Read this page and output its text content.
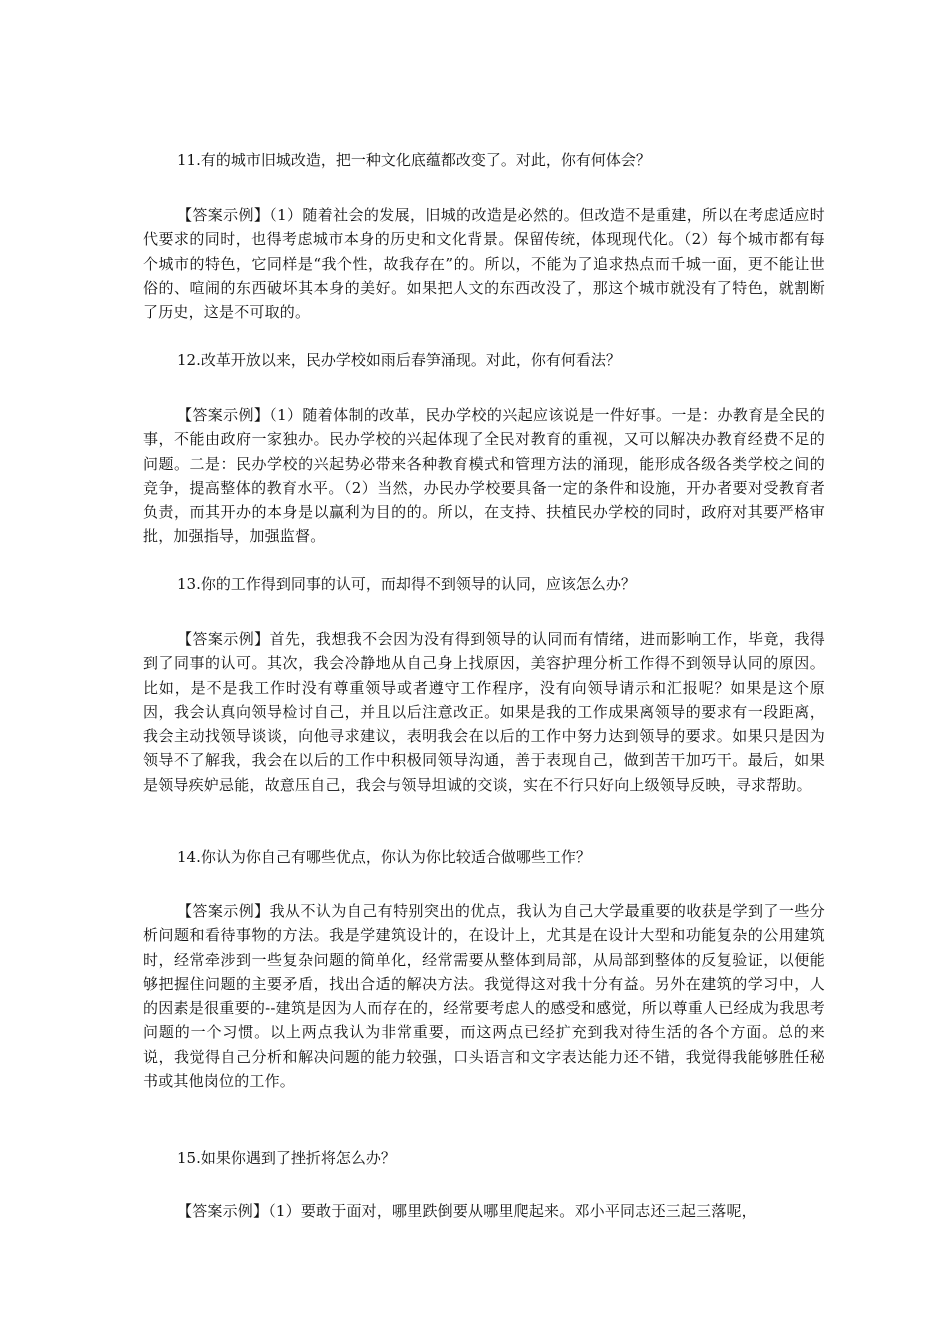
11.有的城市旧城改造，把一种文化底蕴都改变了。对此，你有何体会？

【答案示例】（1）随着社会的发展，旧城的改造是必然的。但改造不是重建，所以在考虑适应时代要求的同时，也得考虑城市本身的历史和文化背景。保留传统，体现现代化。（2）每个城市都有每个城市的特色，它同样是“我个性，故我存在”的。所以，不能为了追求热点而千城一面，更不能让世俗的、喧闹的东西破坏其本身的美好。如果把人文的东西改没了，那这个城市就没有了特色，就割断了历史，这是不可取的。

12.改革开放以来，民办学校如雨后春笋涌现。对此，你有何看法？

【答案示例】（1）随着体制的改革，民办学校的兴起应该说是一件好事。一是：办教育是全民的事，不能由政府一家独办。民办学校的兴起体现了全民对教育的重视，又可以解决办教育经费不足的问题。二是：民办学校的兴起势必带来各种教育模式和管理方法的涌现，能形成各级各类学校之间的竞争，提高整体的教育水平。（2）当然，办民办学校要具备一定的条件和设施，开办者要对受教育者负责，而其开办的本身是以赢利为目的的。所以，在支持、扶植民办学校的同时，政府对其要严格审批，加强指导，加强监督。

13.你的工作得到同事的认可，而却得不到领导的认同，应该怎么办？

【答案示例】首先，我想我不会因为没有得到领导的认同而有情绪，进而影响工作，毕竟，我得到了同事的认可。其次，我会冷静地从自己身上找原因，美容护理分析工作得不到领导认同的原因。比如，是不是我工作时没有尊重领导或者遵守工作程序，没有向领导请示和汇报呢？如果是这个原因，我会认真向领导检讨自己，并且以后注意改正。如果是我的工作成果离领导的要求有一段距离，我会主动找领导谈谈，向他寻求建议，表明我会在以后的工作中努力达到领导的要求。如果只是因为领导不了解我，我会在以后的工作中积极同领导沟通，善于表现自己，做到苦干加巧干。最后，如果是领导疾妒忌能，故意压自己，我会与领导坦诚的交谈，实在不行只好向上级领导反映，寻求帮助。

14.你认为你自己有哪些优点，你认为你比较适合做哪些工作？

【答案示例】我从不认为自己有特别突出的优点，我认为自己大学最重要的收获是学到了一些分析问题和看待事物的方法。我是学建筑设计的，在设计上，尤其是在设计大型和功能复杂的公用建筑时，经常牵涉到一些复杂问题的简单化，经常需要从整体到局部，从局部到整体的反复验证，以便能够把握住问题的主要矛盾，找出合适的解决方法。我觉得这对我十分有益。另外在建筑的学习中，人的因素是很重要的--建筑是因为人而存在的，经常要考虑人的感受和感觉，所以尊重人已经成为我思考问题的一个习惯。以上两点我认为非常重要，而这两点已经扩充到我对待生活的各个方面。总的来说，我觉得自己分析和解决问题的能力较强，口头语言和文字表达能力还不错，我觉得我能够胜任秘书或其他岗位的工作。

15.如果你遇到了挫折将怎么办？

【答案示例】（1）要敢于面对，哪里跌倒要从哪里爬起来。邓小平同志还三起三落呢，
